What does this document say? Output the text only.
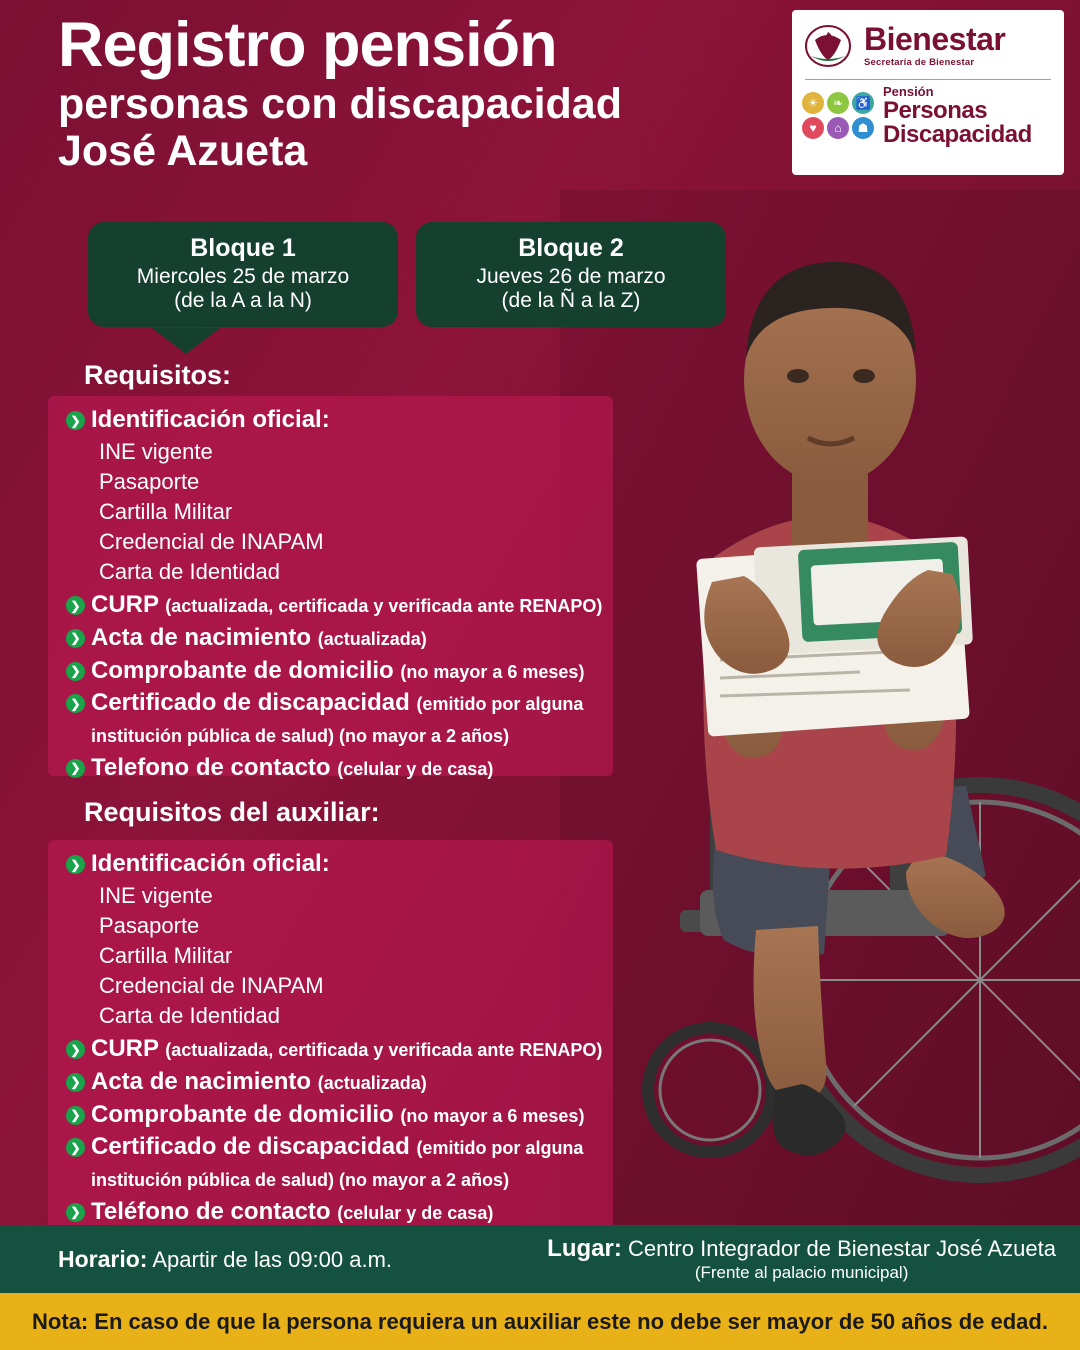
Registro pensión
personas con discapacidad
José Azueta
Bienestar
Secretaría de Bienestar
☀	❧	♿
♥	⌂	☗
Pensión
Personas
Discapacidad
Bloque 1
Miercoles 25 de marzo
(de la A a la N)
Bloque 2
Jueves 26 de marzo
(de la Ñ a la Z)
Requisitos:
❯ Identificación oficial:
INE vigente
Pasaporte
Cartilla Militar
Credencial de INAPAM
Carta de Identidad
❯ CURP (actualizada, certificada y verificada ante RENAPO)
❯ Acta de nacimiento (actualizada)
❯ Comprobante de domicilio (no mayor a 6 meses)
❯ Certificado de discapacidad (emitido por alguna institución pública de salud) (no mayor a 2 años)
❯ Telefono de contacto (celular y de casa)
Requisitos del auxiliar:
❯ Identificación oficial:
INE vigente
Pasaporte
Cartilla Militar
Credencial de INAPAM
Carta de Identidad
❯ CURP (actualizada, certificada y verificada ante RENAPO)
❯ Acta de nacimiento (actualizada)
❯ Comprobante de domicilio (no mayor a 6 meses)
❯ Certificado de discapacidad (emitido por alguna institución pública de salud) (no mayor a 2 años)
❯ Teléfono de contacto (celular y de casa)
Horario: Apartir de las 09:00 a.m.	Lugar: Centro Integrador de Bienestar José Azueta
(Frente al palacio municipal)
Nota: En caso de que la persona requiera un auxiliar este no debe ser mayor de 50 años de edad.
